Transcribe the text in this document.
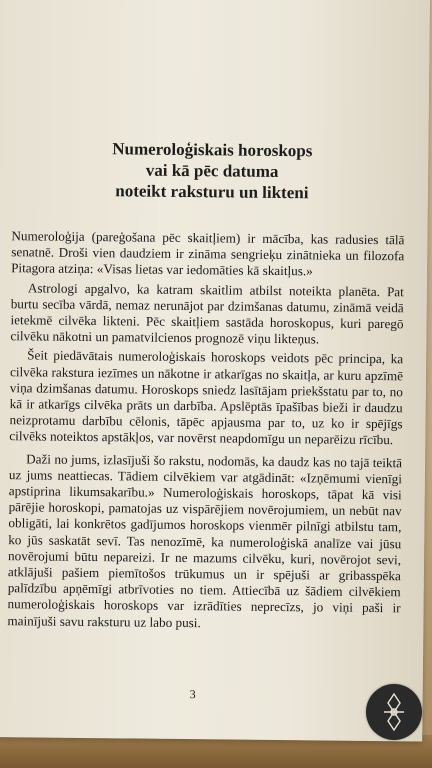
Numeroloģiskais horoskops
vai kā pēc datuma
noteikt raksturu un likteni

Numeroloģija (pareģošana pēc skaitļiem) ir mācība, kas radusies tālā senatnē. Droši vien daudziem ir zināma sengrieķu zinātnieka un filozofa Pitagora atziņa: «Visas lietas var iedomāties kā skaitļus.»

Astrologi apgalvo, ka katram skaitlim atbilst noteikta planēta. Pat burtu secība vārdā, nemaz nerunājot par dzimšanas datumu, zināmā veidā ietekmē cilvēka likteni. Pēc skaitļiem sastāda horoskopus, kuri paregō cilvēku nākotni un pamatvilcienos prognozē viņu likteņus.

Šeit piedāvātais numeroloģiskais horoskops veidots pēc principa, ka cilvēka rakstura iezīmes un nākotne ir atkarīgas no skaitļa, ar kuru apzīmē viņa dzimšanas datumu. Horoskops sniedz lasītājam priekšstatu par to, no kā ir atkarīgs cilvēka prāts un darbība. Apslēptās īpašības bieži ir daudzu neizprotamu darbību cēlonis, tāpēc apjausma par to, uz ko ir spējīgs cilvēks noteiktos apstākļos, var novērst neapdomīgu un neparēizu rīcību.

Daži no jums, izlasījuši šo rakstu, nodomās, ka daudz kas no tajā teiktā uz jums neattiecas. Tādiem cilvēkiem var atgādināt: «Izņēmumi vienīgi apstiprina likumsakarību.» Numeroloģiskais horoskops, tāpat kā visi pārējie horoskopi, pamatojas uz vispārējiem novērojumiem, un nebūt nav obligāti, lai konkrētos gadījumos horoskops vienmēr pilnīgi atbilstu tam, ko jūs saskatāt sevī. Tas nenozīmē, ka numeroloģiskā analīze vai jūsu novērojumi būtu nepareizi. Ir ne mazums cilvēku, kuri, novērojot sevi, atklājuši pašiem piemītošos trūkumus un ir spējuši ar gribasspēka palīdzību apņēmīgi atbrīvoties no tiem. Attiecībā uz šādiem cilvēkiem numeroloģiskais horoskops var izrādīties neprecīzs, jo viņi paši ir mainījuši savu raksturu uz labo pusi.

3
